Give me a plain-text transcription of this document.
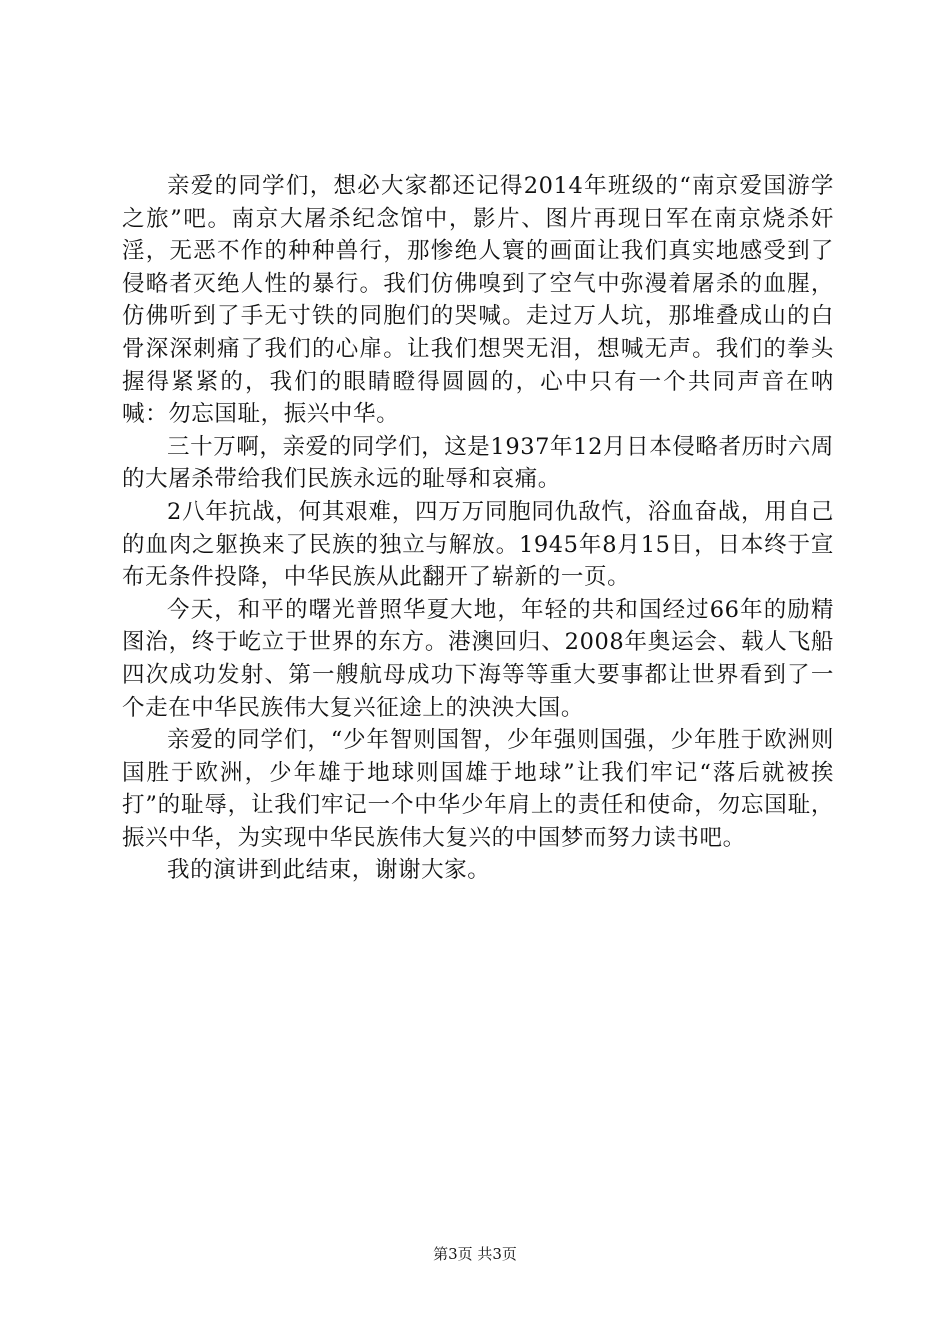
亲爱的同学们，想必大家都还记得2014年班级的“南京爱国游学之旅”吧。南京大屠杀纪念馆中，影片、图片再现日军在南京烧杀奸淫，无恶不作的种种兽行，那惨绝人寰的画面让我们真实地感受到了侵略者灭绝人性的暴行。我们仿佛嗅到了空气中弥漫着屠杀的血腥，仿佛听到了手无寸铁的同胞们的哭喊。走过万人坑，那堆叠成山的白骨深深刺痛了我们的心扉。让我们想哭无泪，想喊无声。我们的拳头握得紧紧的，我们的眼睛瞪得圆圆的，心中只有一个共同声音在呐喊：勿忘国耻，振兴中华。

三十万啊，亲爱的同学们，这是1937年12月日本侵略者历时六周的大屠杀带给我们民族永远的耻辱和哀痛。

2八年抗战，何其艰难，四万万同胞同仇敌忾，浴血奋战，用自己的血肉之躯换来了民族的独立与解放。1945年8月15日，日本终于宣布无条件投降，中华民族从此翻开了崭新的一页。

今天，和平的曙光普照华夏大地，年轻的共和国经过66年的励精图治，终于屹立于世界的东方。港澳回归、2008年奥运会、载人飞船四次成功发射、第一艘航母成功下海等等重大要事都让世界看到了一个走在中华民族伟大复兴征途上的泱泱大国。

亲爱的同学们，“少年智则国智，少年强则国强，少年胜于欧洲则国胜于欧洲，少年雄于地球则国雄于地球”让我们牢记“落后就被挨打”的耻辱，让我们牢记一个中华少年肩上的责任和使命，勿忘国耻，振兴中华，为实现中华民族伟大复兴的中国梦而努力读书吧。

我的演讲到此结束，谢谢大家。

第3页 共3页
